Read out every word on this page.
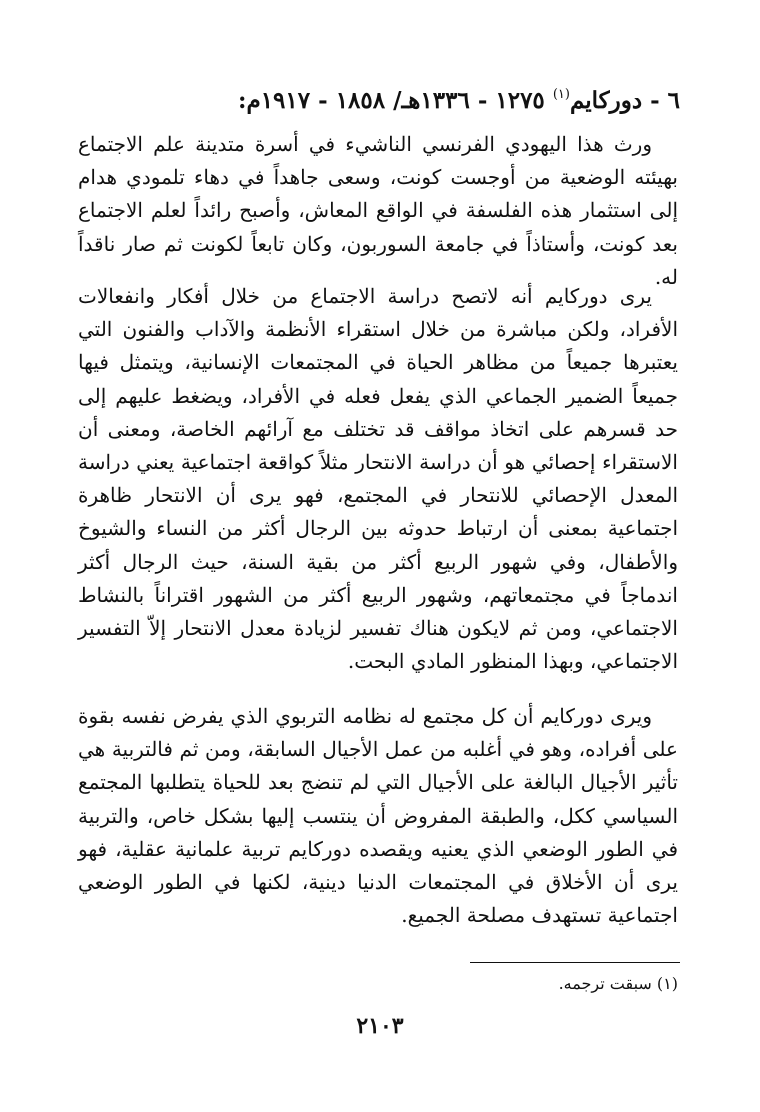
٦ - دوركايم$^{(١)}$ ١٢٧٥ - ١٣٣٦هـ/ ١٨٥٨ - ١٩١٧م:

ورث هذا اليهودي الفرنسي الناشيء في أسرة متدينة علم الاجتماع بهيئته الوضعية من أوجست كونت، وسعى جاهداً في دهاء تلمودي هدام إلى استثمار هذه الفلسفة في الواقع المعاش، وأصبح رائداً لعلم الاجتماع بعد كونت، وأستاذاً في جامعة السوربون، وكان تابعاً لكونت ثم صار ناقداً له.

يرى دوركايم أنه لاتصح دراسة الاجتماع من خلال أفكار وانفعالات الأفراد، ولكن مباشرة من خلال استقراء الأنظمة والآداب والفنون التي يعتبرها جميعاً من مظاهر الحياة في المجتمعات الإنسانية، ويتمثل فيها جميعاً الضمير الجماعي الذي يفعل فعله في الأفراد، ويضغط عليهم إلى حد قسرهم على اتخاذ مواقف قد تختلف مع آرائهم الخاصة، ومعنى أن الاستقراء إحصائي هو أن دراسة الانتحار مثلاً كواقعة اجتماعية يعني دراسة المعدل الإحصائي للانتحار في المجتمع، فهو يرى أن الانتحار ظاهرة اجتماعية بمعنى أن ارتباط حدوثه بين الرجال أكثر من النساء والشيوخ والأطفال، وفي شهور الربيع أكثر من بقية السنة، حيث الرجال أكثر اندماجاً في مجتمعاتهم، وشهور الربيع أكثر من الشهور اقتراناً بالنشاط الاجتماعي، ومن ثم لايكون هناك تفسير لزيادة معدل الانتحار إلاّ التفسير الاجتماعي، وبهذا المنظور المادي البحت.

ويرى دوركايم أن كل مجتمع له نظامه التربوي الذي يفرض نفسه بقوة على أفراده، وهو في أغلبه من عمل الأجيال السابقة، ومن ثم فالتربية هي تأثير الأجيال البالغة على الأجيال التي لم تنضج بعد للحياة يتطلبها المجتمع السياسي ككل، والطبقة المفروض أن ينتسب إليها بشكل خاص، والتربية في الطور الوضعي الذي يعنيه ويقصده دوركايم تربية علمانية عقلية، فهو يرى أن الأخلاق في المجتمعات الدنيا دينية، لكنها في الطور الوضعي اجتماعية تستهدف مصلحة الجميع.

(١) سبقت ترجمه.
٢١٠٣
